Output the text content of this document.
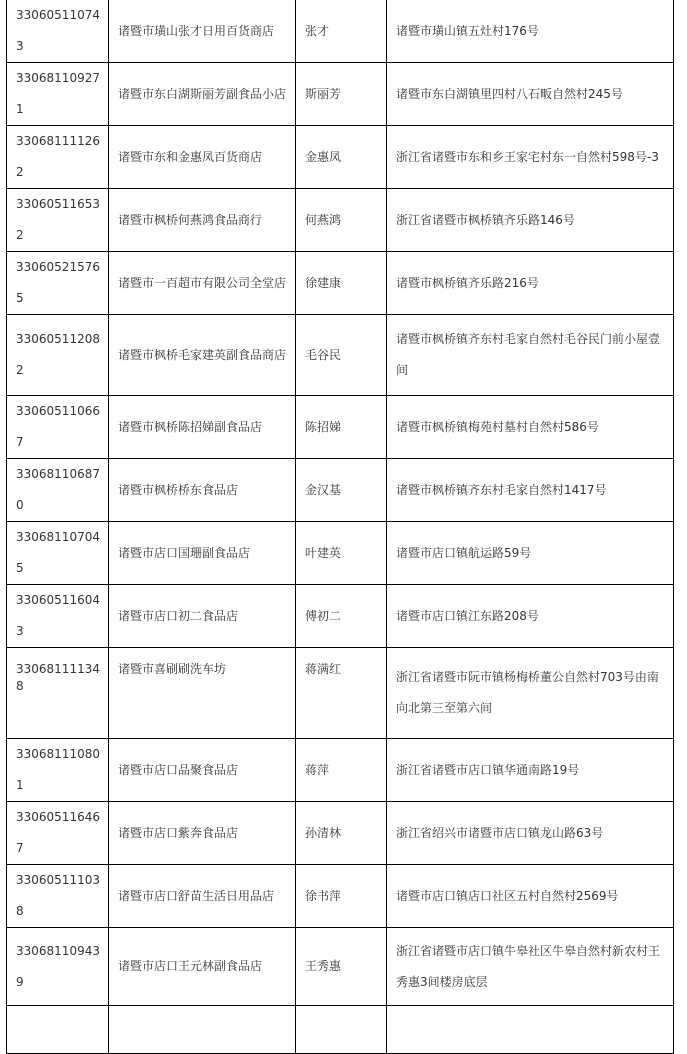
330605110743	诸暨市璜山张才日用百货商店	张才	诸暨市璜山镇五灶村176号
330681109271	诸暨市东白湖斯丽芳副食品小店	斯丽芳	诸暨市东白湖镇里四村八石畈自然村245号
330681111262	诸暨市东和金惠凤百货商店	金惠凤	浙江省诸暨市东和乡王家宅村东一自然村598号-3
330605116532	诸暨市枫桥何燕鸿食品商行	何燕鸿	浙江省诸暨市枫桥镇齐乐路146号
330605215765	诸暨市一百超市有限公司全堂店	徐建康	诸暨市枫桥镇齐乐路216号
330605112082	诸暨市枫桥毛家建英副食品商店	毛谷民	诸暨市枫桥镇齐东村毛家自然村毛谷民门前小屋壹间
330605110667	诸暨市枫桥陈招娣副食品店	陈招娣	诸暨市枫桥镇梅苑村墓村自然村586号
330681106870	诸暨市枫桥桥东食品店	金汉基	诸暨市枫桥镇齐东村毛家自然村1417号
330681107045	诸暨市店口国珊副食品店	叶建英	诸暨市店口镇航运路59号
330605116043	诸暨市店口初二食品店	傅初二	诸暨市店口镇江东路208号
330681111348	诸暨市喜刷刷洗车坊	蒋满红	浙江省诸暨市阮市镇杨梅桥董公自然村703号由南向北第三至第六间
330681110801	诸暨市店口品聚食品店	蒋萍	浙江省诸暨市店口镇华通南路19号
330605116467	诸暨市店口紫奔食品店	孙清林	浙江省绍兴市诸暨市店口镇龙山路63号
330605111038	诸暨市店口舒苗生活日用品店	徐书萍	诸暨市店口镇店口社区五村自然村2569号
330681109439	诸暨市店口王元林副食品店	王秀惠	浙江省诸暨市店口镇牛皋社区牛皋自然村新农村王秀惠3间楼房底层
